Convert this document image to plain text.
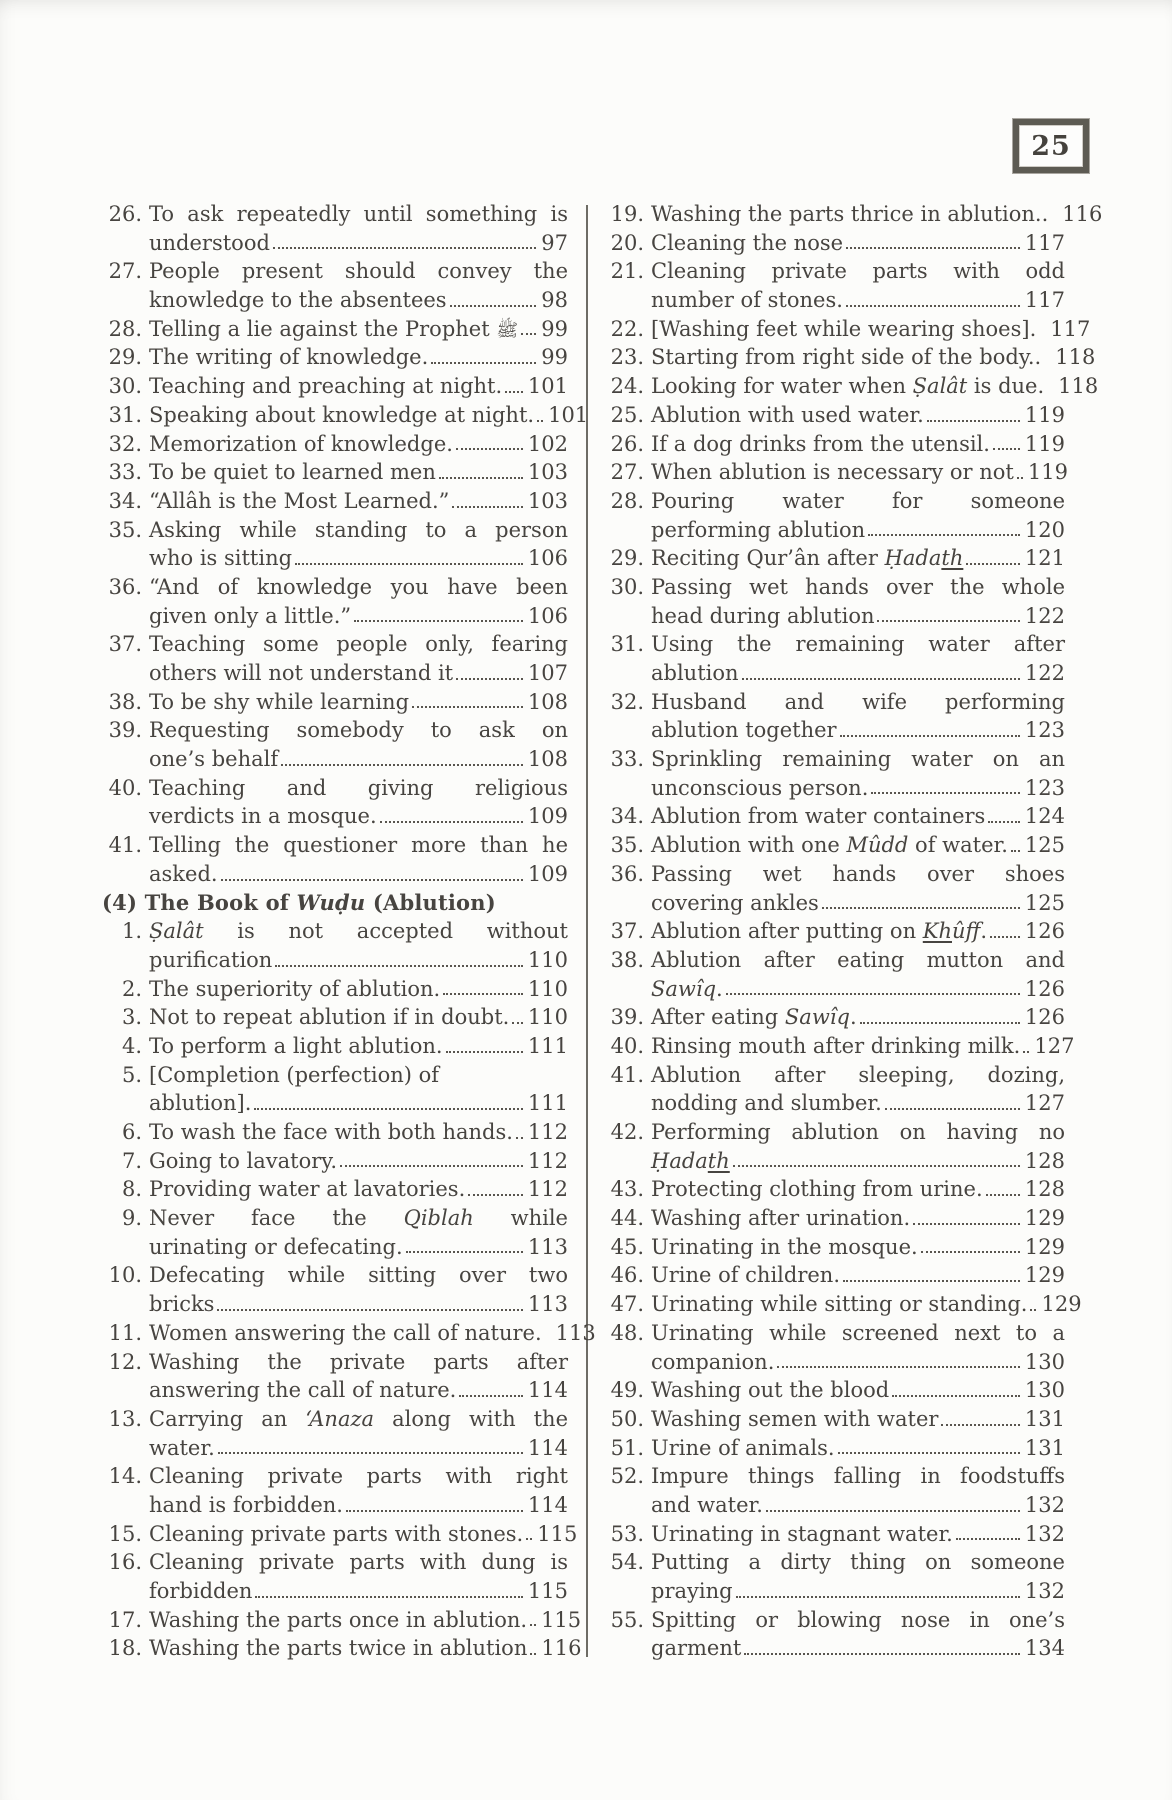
25
26. To ask repeatedly until something is
understood	97
27. People present should convey the
knowledge to the absentees	98
28. Telling a lie against the Prophet ﷺ 99
29. The writing of knowledge.	99
30. Teaching and preaching at night. 101
31. Speaking about knowledge at night. 101
32. Memorization of knowledge.	102
33. To be quiet to learned men	103
34. “Allâh is the Most Learned.”	103
35. Asking while standing to a person
who is sitting	106
36. “And of knowledge you have been
given only a little.”	106
37. Teaching some people only, fearing
others will not understand it	107
38. To be shy while learning	108
39. Requesting somebody to ask on
one’s behalf	108
40. Teaching and giving religious
verdicts in a mosque.	109
41. Telling the questioner more than he
asked.	109
(4) The Book of Wuḍu (Ablution)
1. Ṣalât is not accepted without
purification	110
2. The superiority of ablution.	110
3. Not to repeat ablution if in doubt. 110
4. To perform a light ablution.	111
5. [Completion (perfection) of
ablution].	111
6. To wash the face with both hands. 112
7. Going to lavatory.	112
8. Providing water at lavatories.	112
9. Never face the Qiblah while
urinating or defecating.	113
10. Defecating while sitting over two
bricks	113
11. Women answering the call of nature. 113
12. Washing the private parts after
answering the call of nature.	114
13. Carrying an ‘Anaza along with the
water.	114
14. Cleaning private parts with right
hand is forbidden.	114
15. Cleaning private parts with stones. 115
16. Cleaning private parts with dung is
forbidden	115
17. Washing the parts once in ablution. 115
18. Washing the parts twice in ablution 116
19. Washing the parts thrice in ablution.. 116
20. Cleaning the nose	117
21. Cleaning private parts with odd
number of stones.	117
22. [Washing feet while wearing shoes]. 117
23. Starting from right side of the body.. 118
24. Looking for water when Ṣalât is due. 118
25. Ablution with used water.	119
26. If a dog drinks from the utensil. 119
27. When ablution is necessary or not 119
28. Pouring water for someone
performing ablution	120
29. Reciting Qur’ân after Ḥadath	121
30. Passing wet hands over the whole
head during ablution	122
31. Using the remaining water after
ablution	122
32. Husband and wife performing
ablution together	123
33. Sprinkling remaining water on an
unconscious person.	123
34. Ablution from water containers 124
35. Ablution with one Mûdd of water. 125
36. Passing wet hands over shoes
covering ankles	125
37. Ablution after putting on Khûff. 126
38. Ablution after eating mutton and
Sawîq.	126
39. After eating Sawîq.	126
40. Rinsing mouth after drinking milk. 127
41. Ablution after sleeping, dozing,
nodding and slumber.	127
42. Performing ablution on having no
Ḥadath	128
43. Protecting clothing from urine. 128
44. Washing after urination.	129
45. Urinating in the mosque.	129
46. Urine of children.	129
47. Urinating while sitting or standing. 129
48. Urinating while screened next to a
companion.	130
49. Washing out the blood	130
50. Washing semen with water	131
51. Urine of animals.	131
52. Impure things falling in foodstuffs
and water.	132
53. Urinating in stagnant water.	132
54. Putting a dirty thing on someone
praying	132
55. Spitting or blowing nose in one’s
garment	134
